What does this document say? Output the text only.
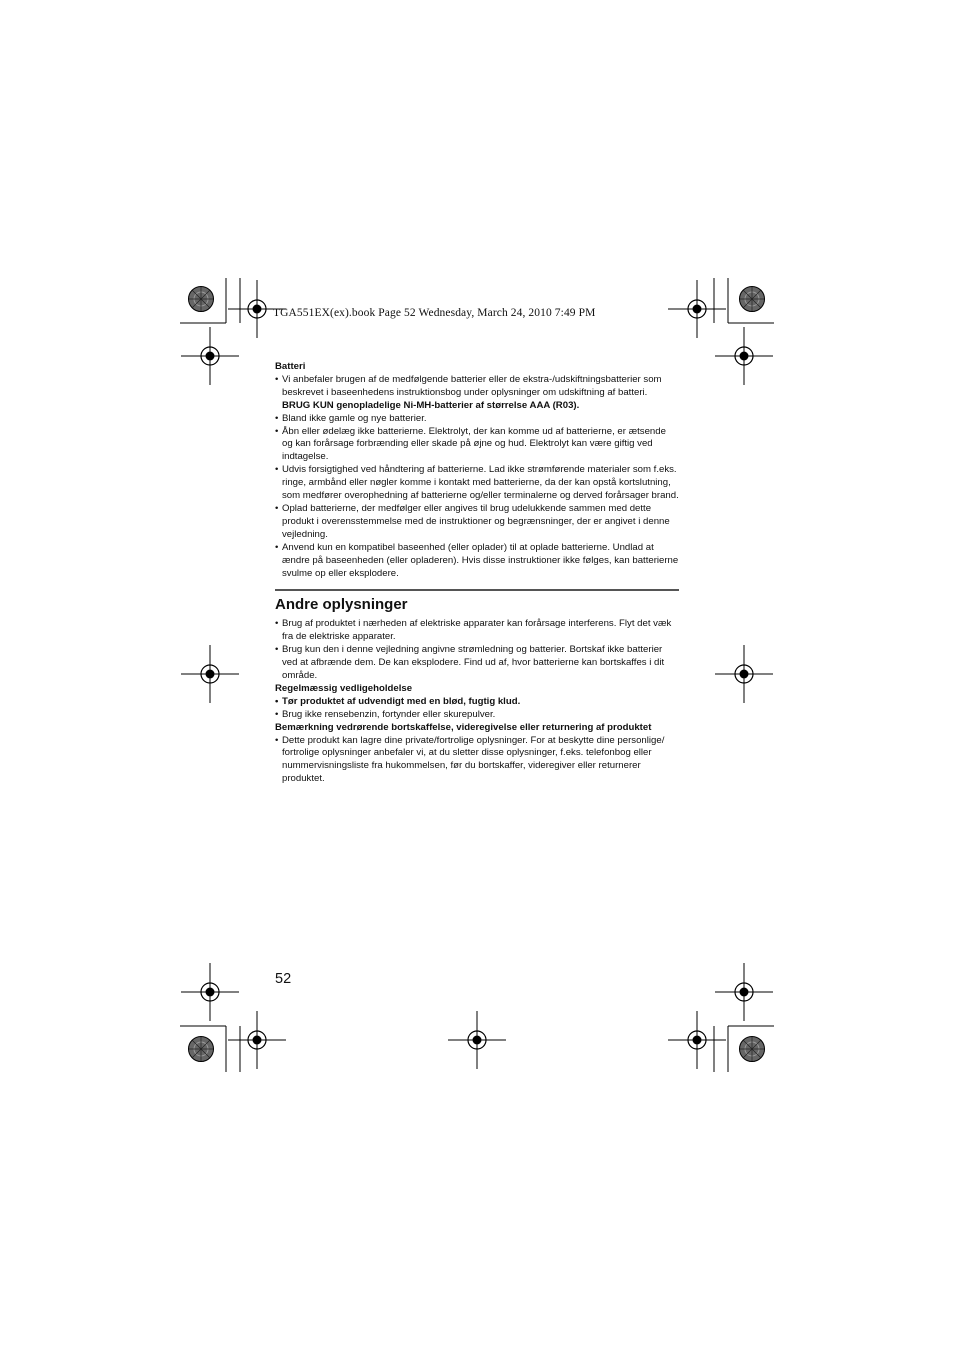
TGA551EX(ex).book Page 52 Wednesday, March 24, 2010 7:49 PM

Batteri

• Vi anbefaler brugen af de medfølgende batterier eller de ekstra-/udskiftningsbatterier som beskrevet i baseenhedens instruktionsbog under oplysninger om udskiftning af batteri.
BRUG KUN genopladelige Ni-MH-batterier af størrelse AAA (R03).
• Bland ikke gamle og nye batterier.
• Åbn eller ødelæg ikke batterierne. Elektrolyt, der kan komme ud af batterierne, er ætsende og kan forårsage forbrænding eller skade på øjne og hud. Elektrolyt kan være giftig ved indtagelse.
• Udvis forsigtighed ved håndtering af batterierne. Lad ikke strømførende materialer som f.eks. ringe, armbånd eller nøgler komme i kontakt med batterierne, da der kan opstå kortslutning, som medfører overophedning af batterierne og/eller terminalerne og derved forårsager brand.
• Oplad batterierne, der medfølger eller angives til brug udelukkende sammen med dette produkt i overensstemmelse med de instruktioner og begrænsninger, der er angivet i denne vejledning.
• Anvend kun en kompatibel baseenhed (eller oplader) til at oplade batterierne. Undlad at ændre på baseenheden (eller opladeren). Hvis disse instruktioner ikke følges, kan batterierne svulme op eller eksplodere.
Andre oplysninger
• Brug af produktet i nærheden af elektriske apparater kan forårsage interferens. Flyt det væk fra de elektriske apparater.
• Brug kun den i denne vejledning angivne strømledning og batterier. Bortskaf ikke batterier ved at afbrænde dem. De kan eksplodere. Find ud af, hvor batterierne kan bortskaffes i dit område.

Regelmæssig vedligeholdelse

• Tør produktet af udvendigt med en blød, fugtig klud.
• Brug ikke rensebenzin, fortynder eller skurepulver.

Bemærkning vedrørende bortskaffelse, videregivelse eller returnering af produktet

• Dette produkt kan lagre dine private/fortrolige oplysninger. For at beskytte dine personlige/ fortrolige oplysninger anbefaler vi, at du sletter disse oplysninger, f.eks. telefonbog eller nummervisningsliste fra hukommelsen, før du bortskaffer, videregiver eller returnerer produktet.
52
